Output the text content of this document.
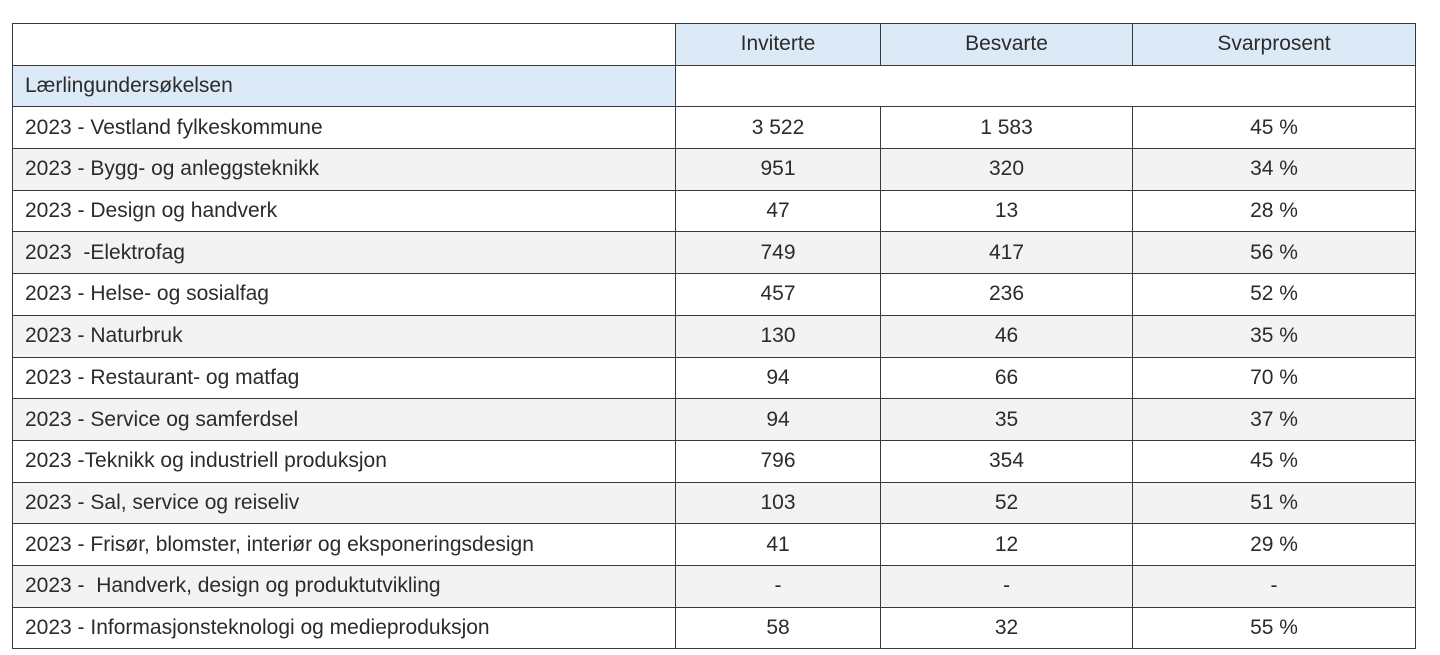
	Inviterte	Besvarte	Svarprosent
Lærlingundersøkelsen			
2023 - Vestland fylkeskommune	3 522	1 583	45 %
2023 - Bygg- og anleggsteknikk	951	320	34 %
2023 - Design og handverk	47	13	28 %
2023  -Elektrofag	749	417	56 %
2023 - Helse- og sosialfag	457	236	52 %
2023 - Naturbruk	130	46	35 %
2023 - Restaurant- og matfag	94	66	70 %
2023 - Service og samferdsel	94	35	37 %
2023 -Teknikk og industriell produksjon	796	354	45 %
2023 - Sal, service og reiseliv	103	52	51 %
2023 - Frisør, blomster, interiør og eksponeringsdesign	41	12	29 %
2023 -  Handverk, design og produktutvikling	-	-	-
2023 - Informasjonsteknologi og medieproduksjon	58	32	55 %
